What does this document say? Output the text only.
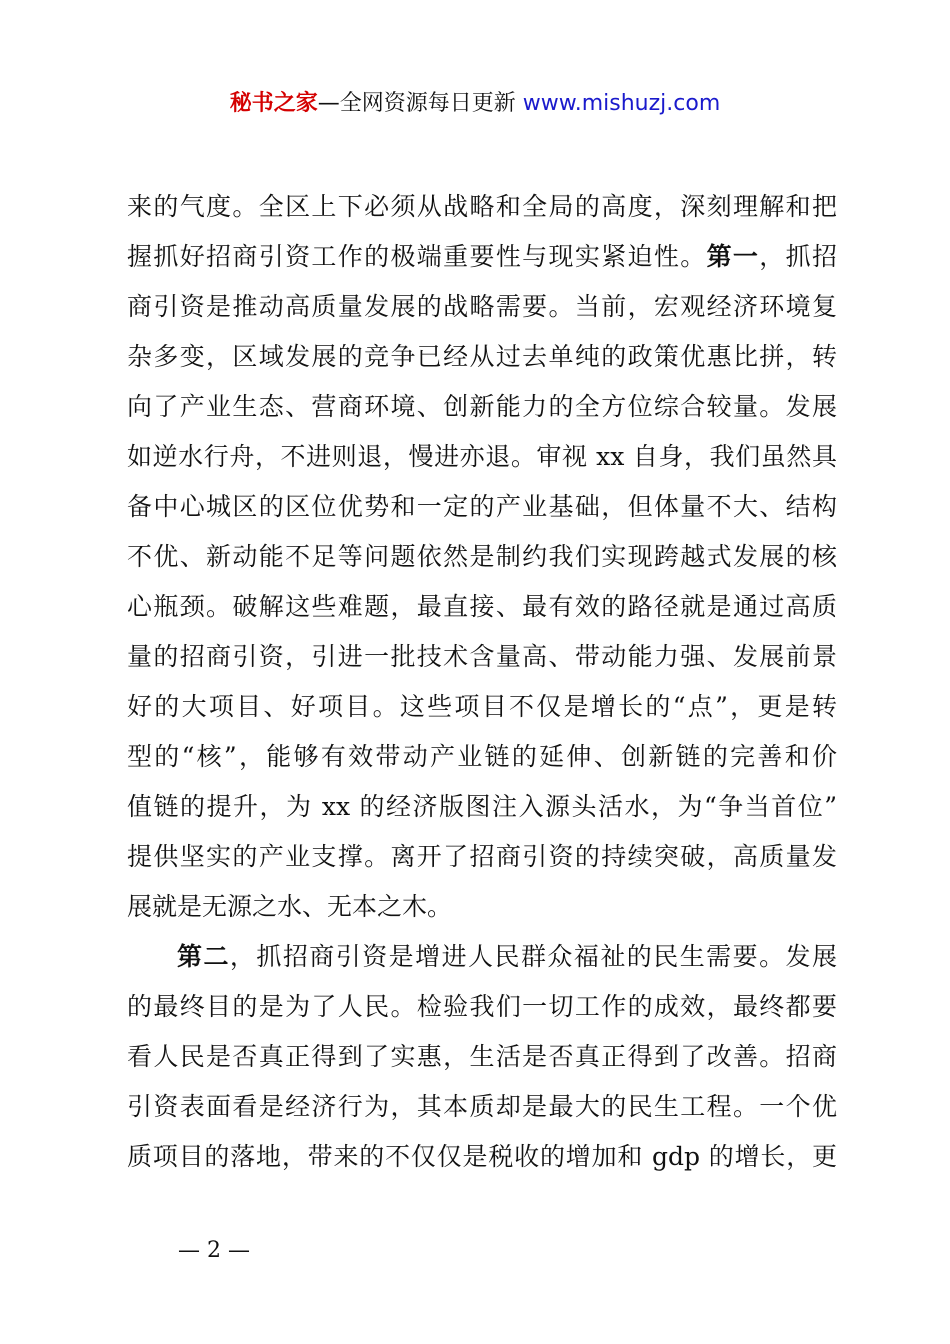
秘书之家—全网资源每日更新 www.mishuzj.com
来的气度。全区上下必须从战略和全局的高度，深刻理解和把
握抓好招商引资工作的极端重要性与现实紧迫性。第一，抓招
商引资是推动高质量发展的战略需要。当前，宏观经济环境复
杂多变，区域发展的竞争已经从过去单纯的政策优惠比拼，转
向了产业生态、营商环境、创新能力的全方位综合较量。发展
如逆水行舟，不进则退，慢进亦退。审视 xx 自身，我们虽然具
备中心城区的区位优势和一定的产业基础，但体量不大、结构
不优、新动能不足等问题依然是制约我们实现跨越式发展的核
心瓶颈。破解这些难题，最直接、最有效的路径就是通过高质
量的招商引资，引进一批技术含量高、带动能力强、发展前景
好的大项目、好项目。这些项目不仅是增长的“点”，更是转
型的“核”，能够有效带动产业链的延伸、创新链的完善和价
值链的提升，为 xx 的经济版图注入源头活水，为“争当首位”
提供坚实的产业支撑。离开了招商引资的持续突破，高质量发
展就是无源之水、无本之木。
第二，抓招商引资是增进人民群众福祉的民生需要。发展
的最终目的是为了人民。检验我们一切工作的成效，最终都要
看人民是否真正得到了实惠，生活是否真正得到了改善。招商
引资表面看是经济行为，其本质却是最大的民生工程。一个优
质项目的落地，带来的不仅仅是税收的增加和 gdp 的增长，更
— 2 —
